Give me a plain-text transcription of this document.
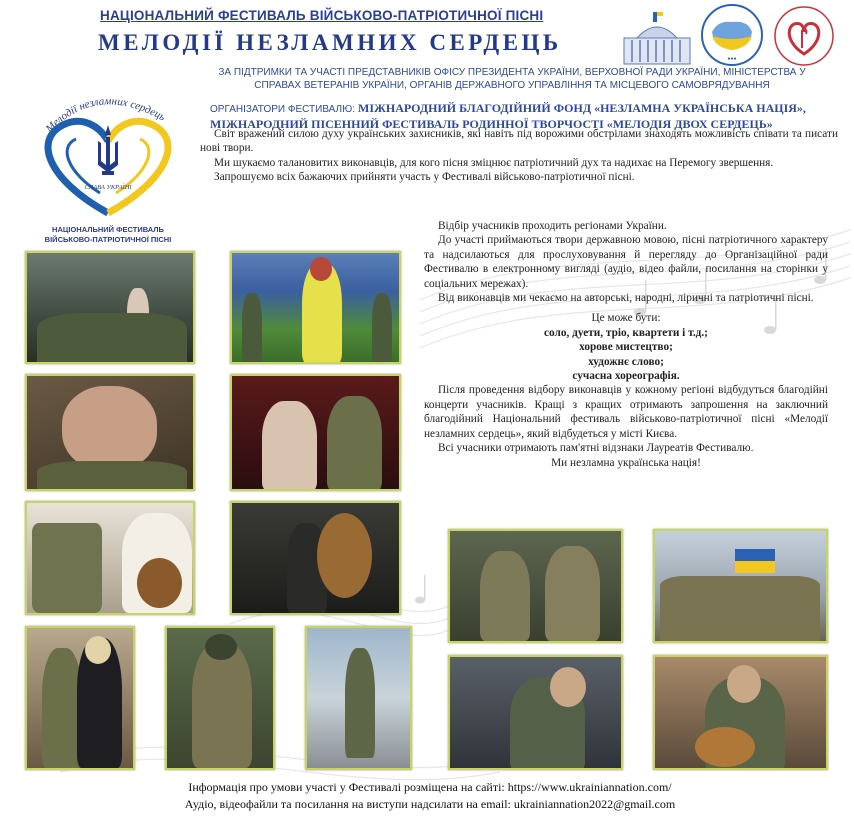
НАЦІОНАЛЬНИЙ ФЕСТИВАЛЬ ВІЙСЬКОВО-ПАТРІОТИЧНОЇ ПІСНІ
МЕЛОДІЇ НЕЗЛАМНИХ СЕРДЕЦЬ
●●●
ЗА ПІДТРИМКИ ТА УЧАСТІ ПРЕДСТАВНИКІВ ОФІСУ ПРЕЗИДЕНТА УКРАЇНИ, ВЕРХОВНОЇ РАДИ УКРАЇНИ, МІНІСТЕРСТВА У СПРАВАХ ВЕТЕРАНІВ УКРАЇНИ, ОРГАНІВ ДЕРЖАВНОГО УПРАВЛІННЯ ТА МІСЦЕВОГО САМОВРЯДУВАННЯ
ОРГАНІЗАТОРИ ФЕСТИВАЛЮ: МІЖНАРОДНИЙ БЛАГОДІЙНИЙ ФОНД «НЕЗЛАМНА УКРАЇНСЬКА НАЦІЯ»,
МІЖНАРОДНИЙ ПІСЕННИЙ ФЕСТИВАЛЬ РОДИННОЇ ТВОРЧОСТІ «МЕЛОДІЯ ДВОХ СЕРДЕЦЬ»
Мелодії незламних сердець
СЛАВА УКРАЇНІ
НАЦІОНАЛЬНИЙ ФЕСТИВАЛЬ
ВІЙСЬКОВО-ПАТРІОТИЧНОЇ ПІСНІ

Світ вражений силою духу українських захисників, які навіть під ворожими обстрілами знаходять можливість співати та писати нові твори.

Ми шукаємо талановитих виконавців, для кого пісня зміцнює патріотичний дух та надихає на Перемогу звершення.

Запрошуємо всіх бажаючих прийняти участь у Фестивалі військово-патріотичної пісні.

Відбір учасників проходить регіонами України.

До участі приймаються твори державною мовою, пісні патріотичного характеру та надсилаються для прослуховування й перегляду до Організаційної ради Фестивалю в електронному вигляді (аудіо, відео файли, посилання на сторінки у соціальних мережах).

Від виконавців ми чекаємо на авторські, народні, ліричні та патріотичні пісні.

Це може бути:
соло, дуети, тріо, квартети і т.д.;
хорове мистецтво;
художнє слово;
сучасна хореографія.

Після проведення відбору виконавців у кожному регіоні відбудуться благодійні концерти учасників. Кращі з кращих отримають запрошення на заключний благодійний Національний фестиваль військово-патріотичної пісні «Мелодії незламних сердець», який відбудеться у місті Києва.

Всі учасники отримають пам'ятні відзнаки Лауреатів Фестивалю.

Ми незламна українська нація!
Інформація про умови участі у Фестивалі розміщена на сайті: https://www.ukrainiannation.com/
Аудіо, відеофайли та посилання на виступи надсилати на email: ukrainiannation2022@gmail.com
